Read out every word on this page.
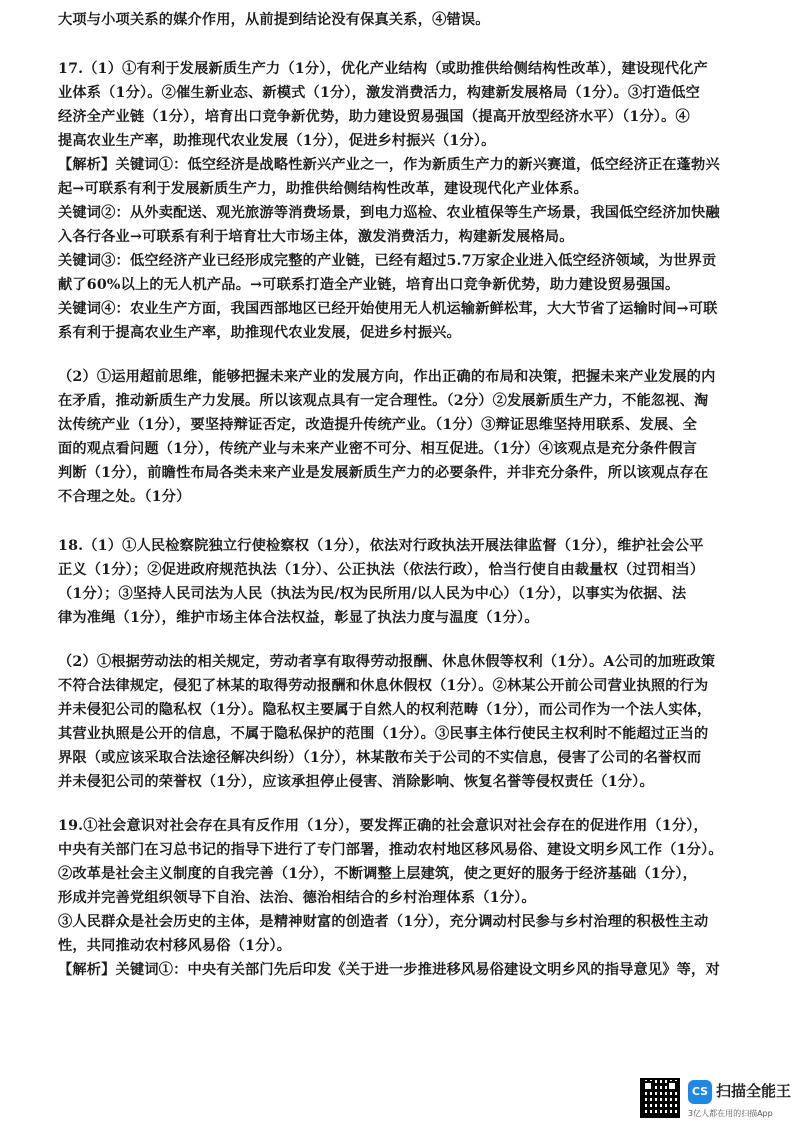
大项与小项关系的媒介作用，从前提到结论没有保真关系，④错误。
17.（1）①有利于发展新质生产力（1分），优化产业结构（或助推供给侧结构性改革），建设现代化产
业体系（1分）。②催生新业态、新模式（1分），激发消费活力，构建新发展格局（1分）。③打造低空
经济全产业链（1分），培育出口竞争新优势，助力建设贸易强国（提高开放型经济水平）（1分）。④
提高农业生产率，助推现代农业发展（1分），促进乡村振兴（1分）。
【解析】关键词①：低空经济是战略性新兴产业之一，作为新质生产力的新兴赛道，低空经济正在蓬勃兴
起→可联系有利于发展新质生产力，助推供给侧结构性改革，建设现代化产业体系。
关键词②：从外卖配送、观光旅游等消费场景，到电力巡检、农业植保等生产场景，我国低空经济加快融
入各行各业→可联系有利于培育壮大市场主体，激发消费活力，构建新发展格局。
关键词③：低空经济产业已经形成完整的产业链，已经有超过5.7万家企业进入低空经济领域，为世界贡
献了60%以上的无人机产品。→可联系打造全产业链，培育出口竞争新优势，助力建设贸易强国。
关键词④：农业生产方面，我国西部地区已经开始使用无人机运输新鲜松茸，大大节省了运输时间→可联
系有利于提高农业生产率，助推现代农业发展，促进乡村振兴。
（2）①运用超前思维，能够把握未来产业的发展方向，作出正确的布局和决策，把握未来产业发展的内
在矛盾，推动新质生产力发展。所以该观点具有一定合理性。（2分）②发展新质生产力，不能忽视、淘
汰传统产业（1分），要坚持辩证否定，改造提升传统产业。（1分）③辩证思维坚持用联系、发展、全
面的观点看问题（1分），传统产业与未来产业密不可分、相互促进。（1分）④该观点是充分条件假言
判断（1分），前瞻性布局各类未来产业是发展新质生产力的必要条件，并非充分条件，所以该观点存在
不合理之处。（1分）
18.（1）①人民检察院独立行使检察权（1分），依法对行政执法开展法律监督（1分），维护社会公平
正义（1分）；②促进政府规范执法（1分）、公正执法（依法行政），恰当行使自由裁量权（过罚相当）
（1分）；③坚持人民司法为人民（执法为民/权为民所用/以人民为中心）（1分），以事实为依据、法
律为准绳（1分），维护市场主体合法权益，彰显了执法力度与温度（1分）。
（2）①根据劳动法的相关规定，劳动者享有取得劳动报酬、休息休假等权利（1分）。A公司的加班政策
不符合法律规定，侵犯了林某的取得劳动报酬和休息休假权（1分）。②林某公开前公司营业执照的行为
并未侵犯公司的隐私权（1分）。隐私权主要属于自然人的权利范畴（1分），而公司作为一个法人实体，
其营业执照是公开的信息，不属于隐私保护的范围（1分）。③民事主体行使民主权利时不能超过正当的
界限（或应该采取合法途径解决纠纷）（1分），林某散布关于公司的不实信息，侵害了公司的名誉权而
并未侵犯公司的荣誉权（1分），应该承担停止侵害、消除影响、恢复名誉等侵权责任（1分）。
19.①社会意识对社会存在具有反作用（1分），要发挥正确的社会意识对社会存在的促进作用（1分），
中央有关部门在习总书记的指导下进行了专门部署，推动农村地区移风易俗、建设文明乡风工作（1分）。
②改革是社会主义制度的自我完善（1分），不断调整上层建筑，使之更好的服务于经济基础（1分），
形成并完善党组织领导下自治、法治、德治相结合的乡村治理体系（1分）。
③人民群众是社会历史的主体，是精神财富的创造者（1分），充分调动村民参与乡村治理的积极性主动
性，共同推动农村移风易俗（1分）。
【解析】关键词①：中央有关部门先后印发《关于进一步推进移风易俗建设文明乡风的指导意见》等，对
CS 扫描全能王
3亿人都在用的扫描App
